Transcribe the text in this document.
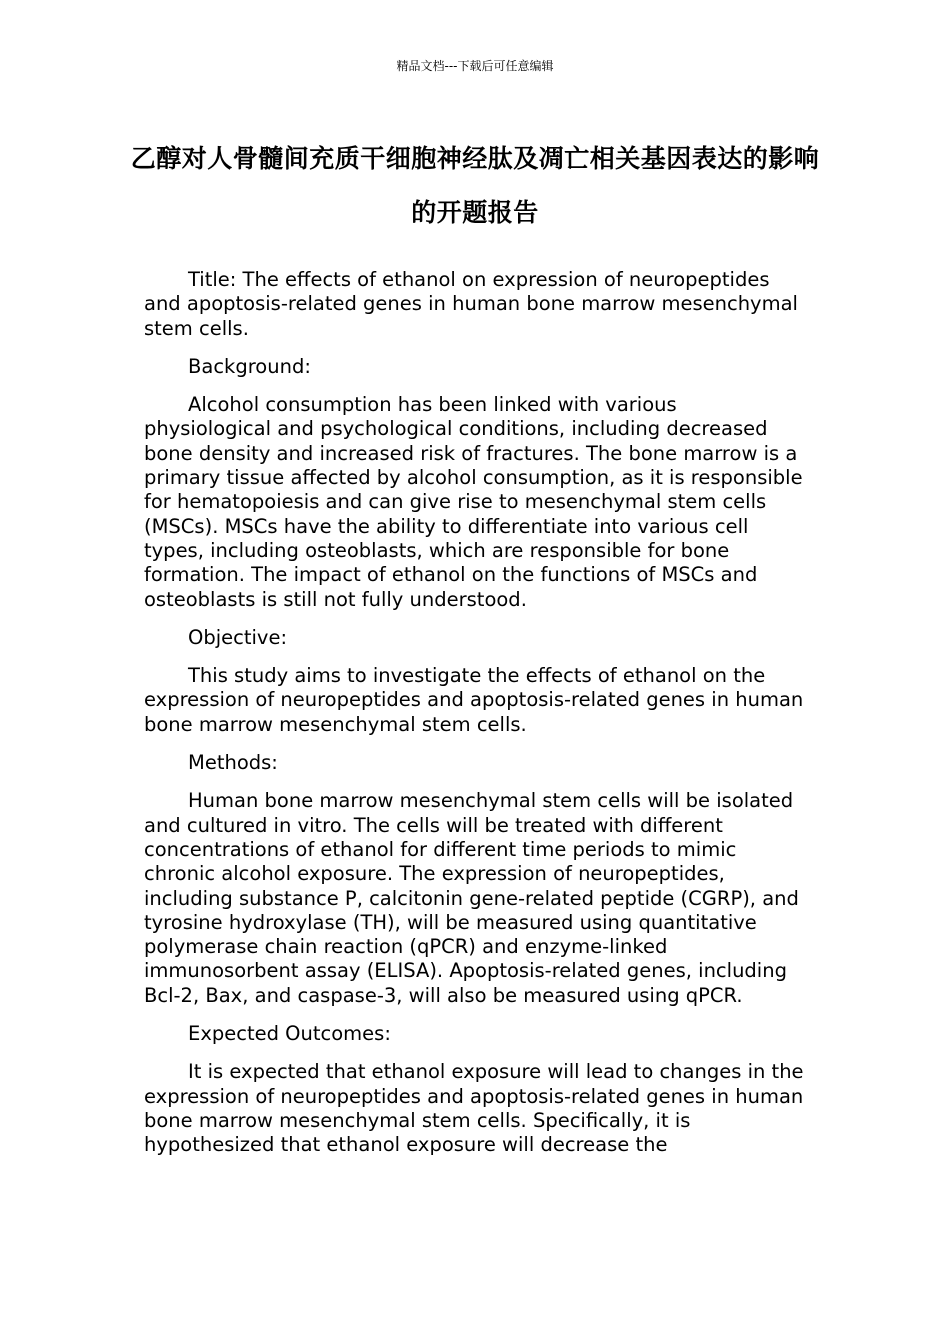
精品文档---下载后可任意编辑
乙醇对人骨髓间充质干细胞神经肽及凋亡相关基因表达的影响的开题报告

Title: The effects of ethanol on expression of neuropeptides and apoptosis-related genes in human bone marrow mesenchymal stem cells.

Background:

Alcohol consumption has been linked with various physiological and psychological conditions, including decreased bone density and increased risk of fractures. The bone marrow is a primary tissue affected by alcohol consumption, as it is responsible for hematopoiesis and can give rise to mesenchymal stem cells (MSCs). MSCs have the ability to differentiate into various cell types, including osteoblasts, which are responsible for bone formation. The impact of ethanol on the functions of MSCs and osteoblasts is still not fully understood.

Objective:

This study aims to investigate the effects of ethanol on the expression of neuropeptides and apoptosis-related genes in human bone marrow mesenchymal stem cells.

Methods:

Human bone marrow mesenchymal stem cells will be isolated and cultured in vitro. The cells will be treated with different concentrations of ethanol for different time periods to mimic chronic alcohol exposure. The expression of neuropeptides, including substance P, calcitonin gene-related peptide (CGRP), and tyrosine hydroxylase (TH), will be measured using quantitative polymerase chain reaction (qPCR) and enzyme-linked immunosorbent assay (ELISA). Apoptosis-related genes, including Bcl-2, Bax, and caspase-3, will also be measured using qPCR.

Expected Outcomes:

It is expected that ethanol exposure will lead to changes in the expression of neuropeptides and apoptosis-related genes in human bone marrow mesenchymal stem cells. Specifically, it is hypothesized that ethanol exposure will decrease the
